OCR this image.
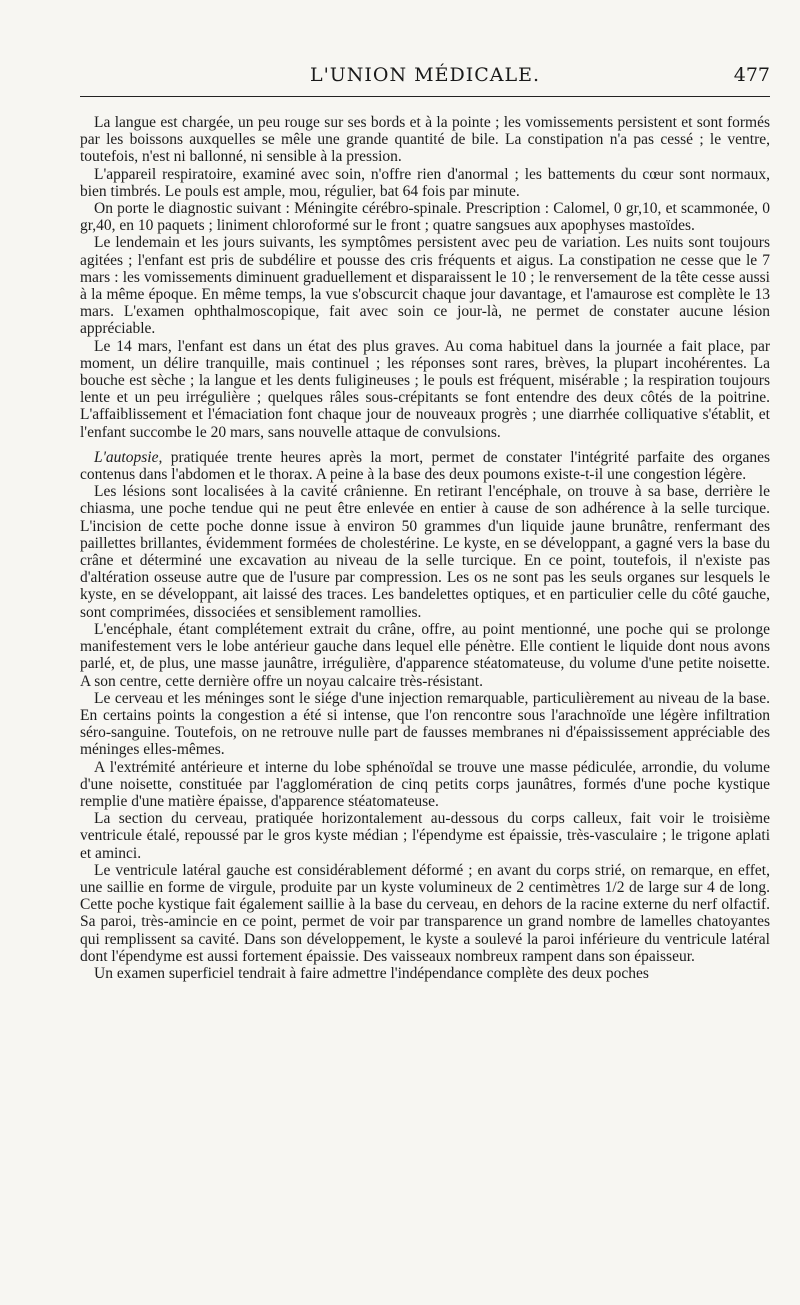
L'UNION MÉDICALE.	477

La langue est chargée, un peu rouge sur ses bords et à la pointe ; les vomissements persistent et sont formés par les boissons auxquelles se mêle une grande quantité de bile. La constipation n'a pas cessé ; le ventre, toutefois, n'est ni ballonné, ni sensible à la pression.

L'appareil respiratoire, examiné avec soin, n'offre rien d'anormal ; les battements du cœur sont normaux, bien timbrés. Le pouls est ample, mou, régulier, bat 64 fois par minute.

On porte le diagnostic suivant : Méningite cérébro-spinale. Prescription : Calomel, 0 gr,10, et scammonée, 0 gr,40, en 10 paquets ; liniment chloroformé sur le front ; quatre sangsues aux apophyses mastoïdes.

Le lendemain et les jours suivants, les symptômes persistent avec peu de variation. Les nuits sont toujours agitées ; l'enfant est pris de subdélire et pousse des cris fréquents et aigus. La constipation ne cesse que le 7 mars : les vomissements diminuent graduellement et disparaissent le 10 ; le renversement de la tête cesse aussi à la même époque. En même temps, la vue s'obscurcit chaque jour davantage, et l'amaurose est complète le 13 mars. L'examen ophthalmoscopique, fait avec soin ce jour-là, ne permet de constater aucune lésion appréciable.

Le 14 mars, l'enfant est dans un état des plus graves. Au coma habituel dans la journée a fait place, par moment, un délire tranquille, mais continuel ; les réponses sont rares, brèves, la plupart incohérentes. La bouche est sèche ; la langue et les dents fuligineuses ; le pouls est fréquent, misérable ; la respiration toujours lente et un peu irrégulière ; quelques râles sous-crépitants se font entendre des deux côtés de la poitrine. L'affaiblissement et l'émaciation font chaque jour de nouveaux progrès ; une diarrhée colliquative s'établit, et l'enfant succombe le 20 mars, sans nouvelle attaque de convulsions.

L'autopsie, pratiquée trente heures après la mort, permet de constater l'intégrité parfaite des organes contenus dans l'abdomen et le thorax. A peine à la base des deux poumons existe-t-il une congestion légère.

Les lésions sont localisées à la cavité crânienne. En retirant l'encéphale, on trouve à sa base, derrière le chiasma, une poche tendue qui ne peut être enlevée en entier à cause de son adhérence à la selle turcique. L'incision de cette poche donne issue à environ 50 grammes d'un liquide jaune brunâtre, renfermant des paillettes brillantes, évidemment formées de cholestérine. Le kyste, en se développant, a gagné vers la base du crâne et déterminé une excavation au niveau de la selle turcique. En ce point, toutefois, il n'existe pas d'altération osseuse autre que de l'usure par compression. Les os ne sont pas les seuls organes sur lesquels le kyste, en se développant, ait laissé des traces. Les bandelettes optiques, et en particulier celle du côté gauche, sont comprimées, dissociées et sensiblement ramollies.

L'encéphale, étant complétement extrait du crâne, offre, au point mentionné, une poche qui se prolonge manifestement vers le lobe antérieur gauche dans lequel elle pénètre. Elle contient le liquide dont nous avons parlé, et, de plus, une masse jaunâtre, irrégulière, d'apparence stéatomateuse, du volume d'une petite noisette. A son centre, cette dernière offre un noyau calcaire très-résistant.

Le cerveau et les méninges sont le siége d'une injection remarquable, particulièrement au niveau de la base. En certains points la congestion a été si intense, que l'on rencontre sous l'arachnoïde une légère infiltration séro-sanguine. Toutefois, on ne retrouve nulle part de fausses membranes ni d'épaississement appréciable des méninges elles-mêmes.

A l'extrémité antérieure et interne du lobe sphénoïdal se trouve une masse pédiculée, arrondie, du volume d'une noisette, constituée par l'agglomération de cinq petits corps jaunâtres, formés d'une poche kystique remplie d'une matière épaisse, d'apparence stéatomateuse.

La section du cerveau, pratiquée horizontalement au-dessous du corps calleux, fait voir le troisième ventricule étalé, repoussé par le gros kyste médian ; l'épendyme est épaissie, très-vasculaire ; le trigone aplati et aminci.

Le ventricule latéral gauche est considérablement déformé ; en avant du corps strié, on remarque, en effet, une saillie en forme de virgule, produite par un kyste volumineux de 2 centimètres 1/2 de large sur 4 de long. Cette poche kystique fait également saillie à la base du cerveau, en dehors de la racine externe du nerf olfactif. Sa paroi, très-amincie en ce point, permet de voir par transparence un grand nombre de lamelles chatoyantes qui remplissent sa cavité. Dans son développement, le kyste a soulevé la paroi inférieure du ventricule latéral dont l'épendyme est aussi fortement épaissie. Des vaisseaux nombreux rampent dans son épaisseur.

Un examen superficiel tendrait à faire admettre l'indépendance complète des deux poches
